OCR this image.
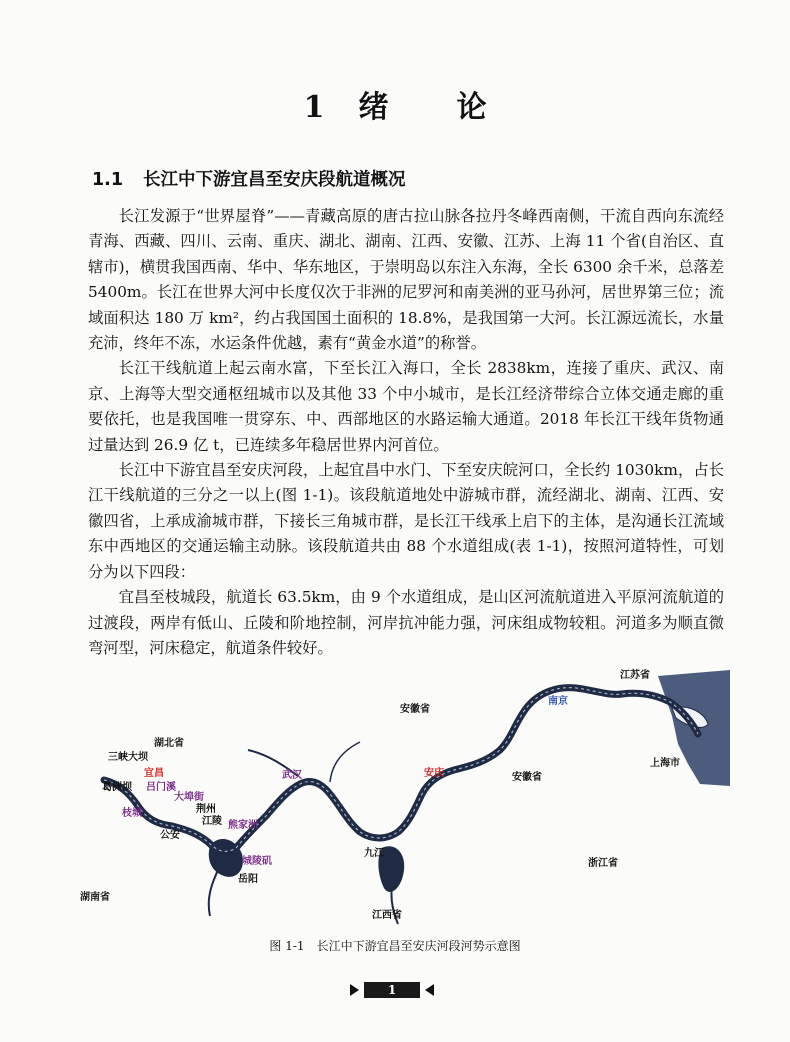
1 绪 论
1.1 长江中下游宜昌至安庆段航道概况

长江发源于“世界屋脊”——青藏高原的唐古拉山脉各拉丹冬峰西南侧，干流自西向东流经青海、西藏、四川、云南、重庆、湖北、湖南、江西、安徽、江苏、上海 11 个省(自治区、直辖市)，横贯我国西南、华中、华东地区，于崇明岛以东注入东海，全长 6300 余千米，总落差 5400m。长江在世界大河中长度仅次于非洲的尼罗河和南美洲的亚马孙河，居世界第三位；流域面积达 180 万 km²，约占我国国土面积的 18.8%，是我国第一大河。长江源远流长，水量充沛，终年不冻，水运条件优越，素有“黄金水道”的称誉。

长江干线航道上起云南水富，下至长江入海口，全长 2838km，连接了重庆、武汉、南京、上海等大型交通枢纽城市以及其他 33 个中小城市，是长江经济带综合立体交通走廊的重要依托，也是我国唯一贯穿东、中、西部地区的水路运输大通道。2018 年长江干线年货物通过量达到 26.9 亿 t，已连续多年稳居世界内河首位。

长江中下游宜昌至安庆河段，上起宜昌中水门、下至安庆皖河口，全长约 1030km，占长江干线航道的三分之一以上(图 1-1)。该段航道地处中游城市群，流经湖北、湖南、江西、安徽四省，上承成渝城市群，下接长三角城市群，是长江干线承上启下的主体，是沟通长江流域东中西地区的交通运输主动脉。该段航道共由 88 个水道组成(表 1-1)，按照河道特性，可划分为以下四段：

宜昌至枝城段，航道长 63.5km，由 9 个水道组成，是山区河流航道进入平原河流航道的过渡段，两岸有低山、丘陵和阶地控制，河岸抗冲能力强，河床组成物较粗。河道多为顺直微弯河型，河床稳定，航道条件较好。

江苏省
安徽省
南京
上海市
湖北省
三峡大坝
宜昌
葛洲坝 吕门溪
大埠街
荆州
枝城
江陵 熊家洲
公安
武汉	安庆	安徽省
城陵矶
岳阳
九江
浙江省
湖南省
江西省
图 1-1 长江中下游宜昌至安庆河段河势示意图
1
